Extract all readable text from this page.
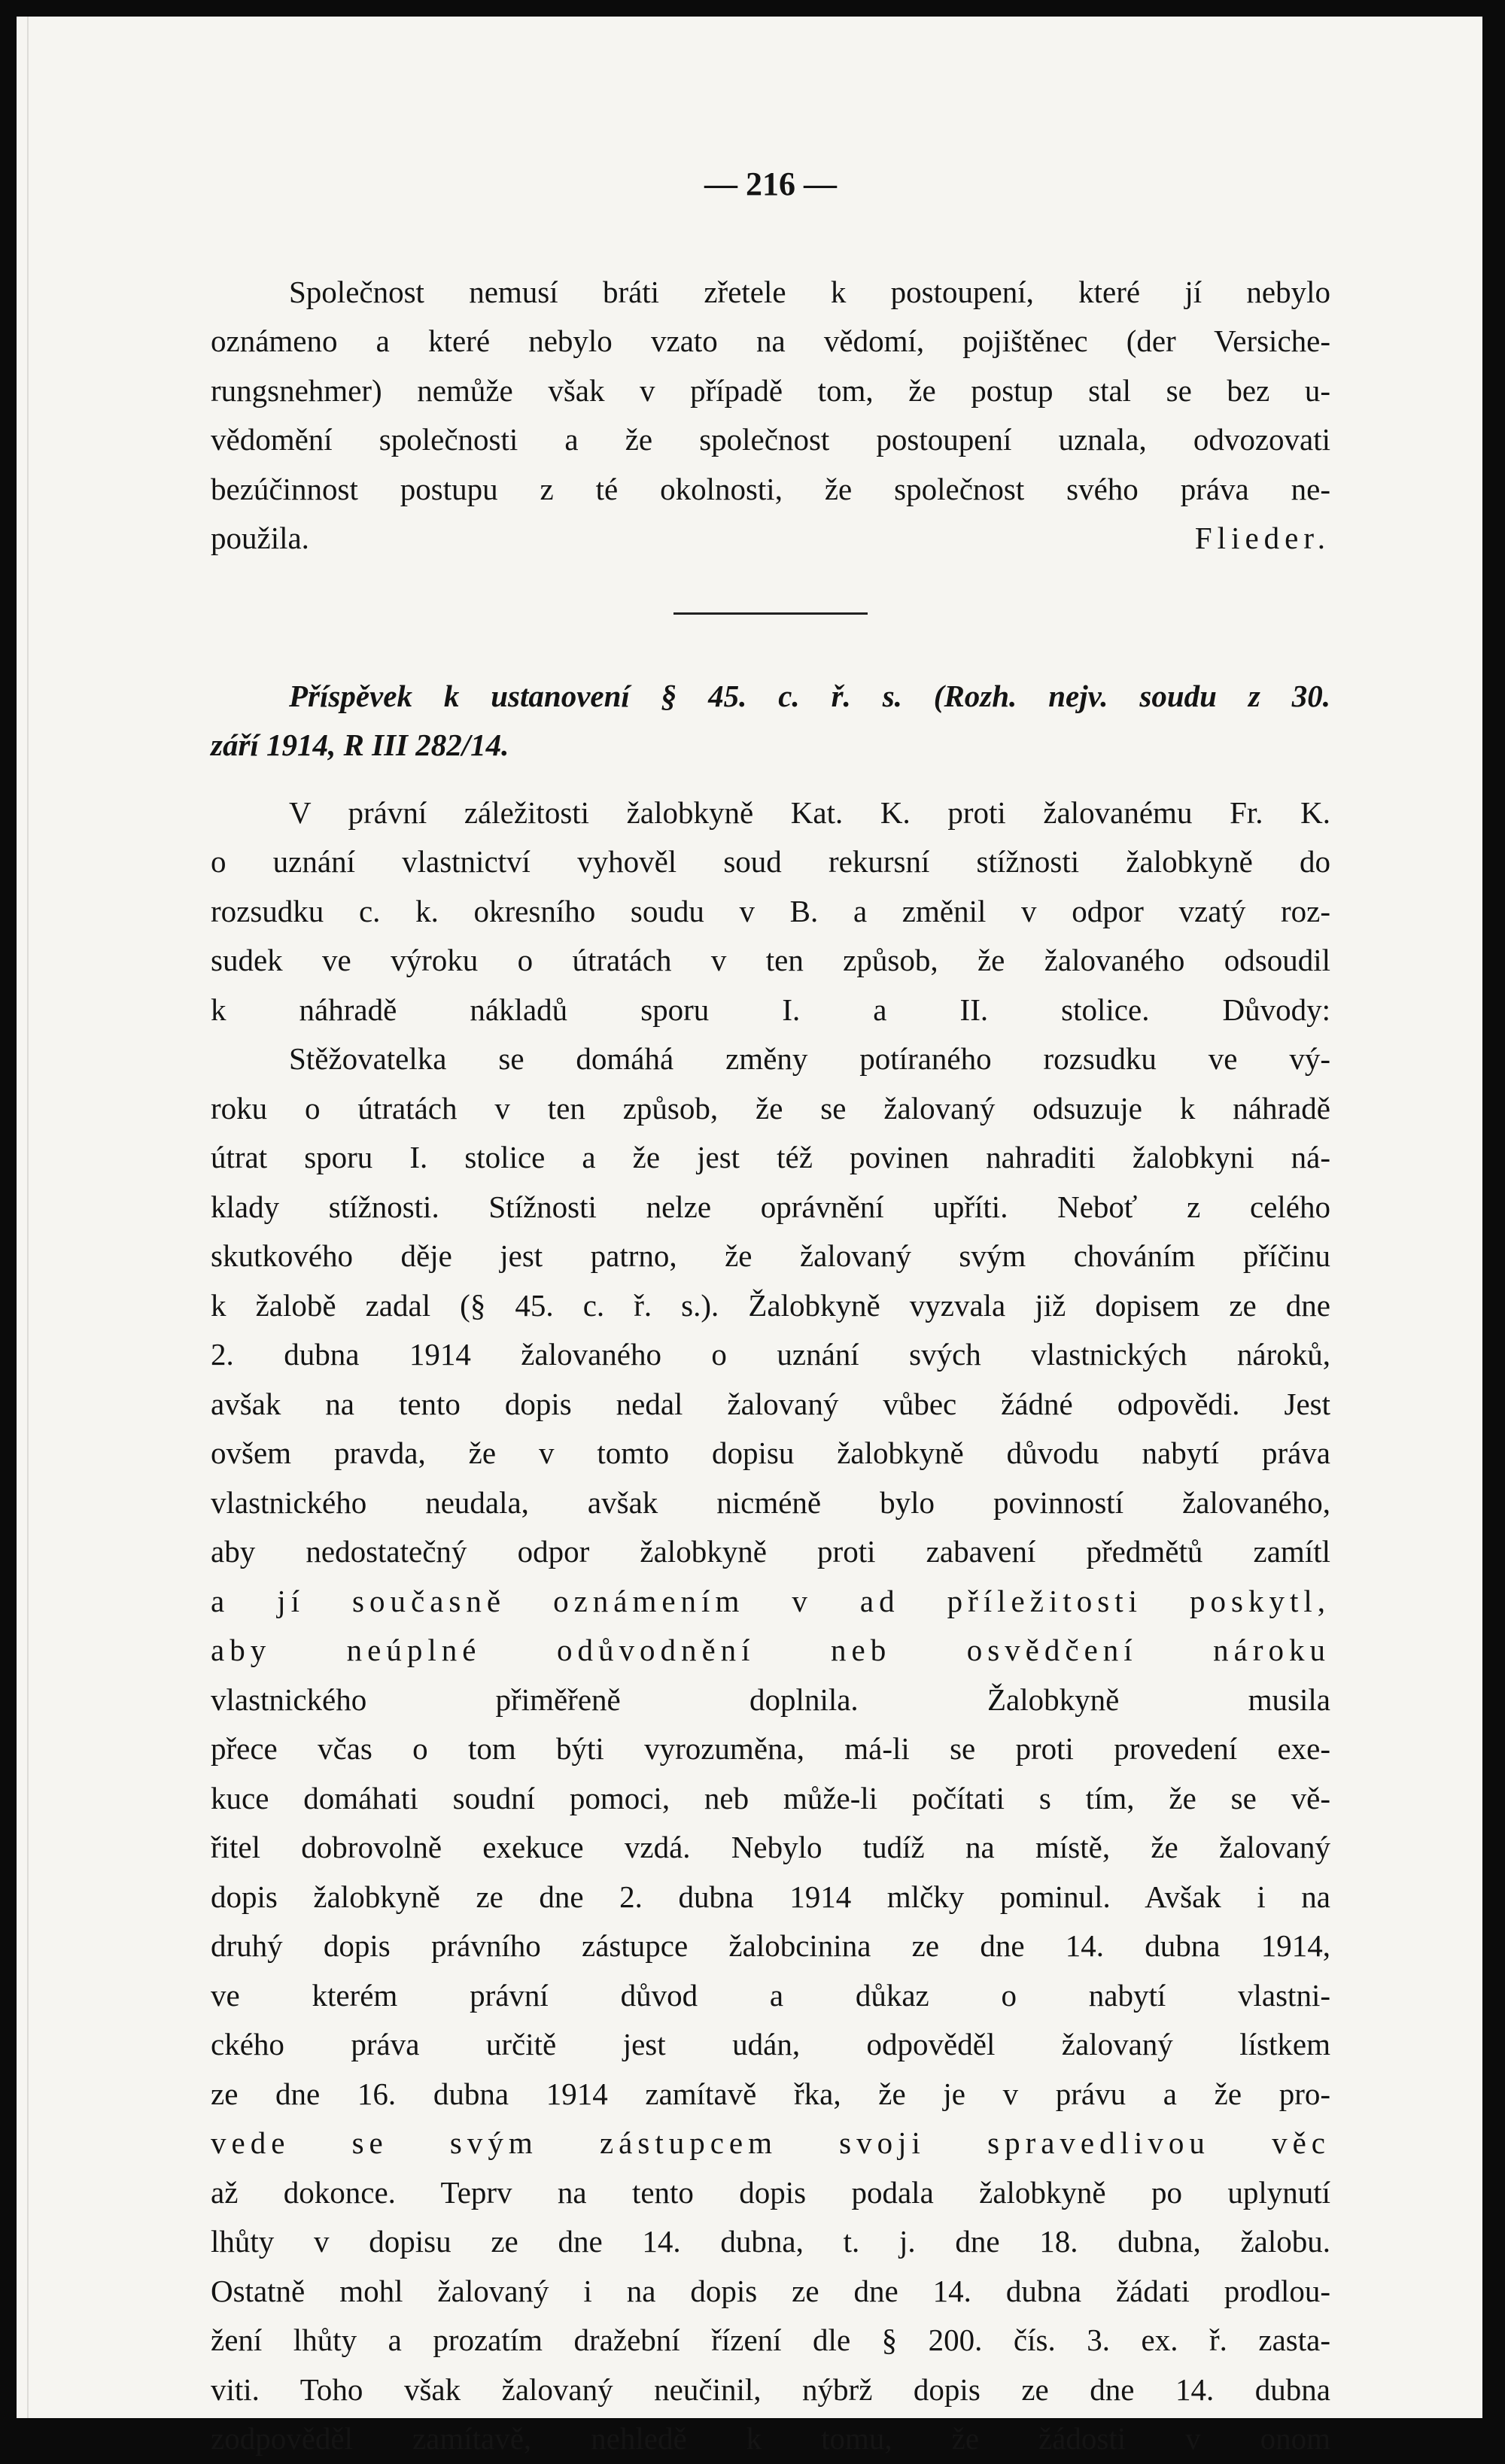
— 216 —
Společnost nemusí bráti zřetele k postoupení, které jí nebylo
oznámeno a které nebylo vzato na vědomí, pojištěnec (der Versiche-
rungsnehmer) nemůže však v případě tom, že postup stal se bez u-
vědomění společnosti a že společnost postoupení uznala, odvozovati
bezúčinnost postupu z té okolnosti, že společnost svého práva ne-
použila.	Flieder.
Příspěvek k ustanovení § 45. c. ř. s. (Rozh. nejv. soudu z 30.
září 1914, R III 282/14.
V právní záležitosti žalobkyně Kat. K. proti žalovanému Fr. K.
o uznání vlastnictví vyhověl soud rekursní stížnosti žalobkyně do
rozsudku c. k. okresního soudu v B. a změnil v odpor vzatý roz-
sudek ve výroku o útratách v ten způsob, že žalovaného odsoudil
k náhradě nákladů sporu I. a II. stolice. Důvody:
Stěžovatelka se domáhá změny potíraného rozsudku ve vý-
roku o útratách v ten způsob, že se žalovaný odsuzuje k náhradě
útrat sporu I. stolice a že jest též povinen nahraditi žalobkyni ná-
klady stížnosti. Stížnosti nelze oprávnění upříti. Neboť z celého
skutkového děje jest patrno, že žalovaný svým chováním příčinu
k žalobě zadal (§ 45. c. ř. s.). Žalobkyně vyzvala již dopisem ze dne
2. dubna 1914 žalovaného o uznání svých vlastnických nároků,
avšak na tento dopis nedal žalovaný vůbec žádné odpovědi. Jest
ovšem pravda, že v tomto dopisu žalobkyně důvodu nabytí práva
vlastnického neudala, avšak nicméně bylo povinností žalovaného,
aby nedostatečný odpor žalobkyně proti zabavení předmětů zamítl
a jí současně oznámením v ad příležitosti poskytl,
aby neúplné odůvodnění neb osvědčení nároku
vlastnického přiměřeně doplnila. Žalobkyně musila
přece včas o tom býti vyrozuměna, má-li se proti provedení exe-
kuce domáhati soudní pomoci, neb může-li počítati s tím, že se vě-
řitel dobrovolně exekuce vzdá. Nebylo tudíž na místě, že žalovaný
dopis žalobkyně ze dne 2. dubna 1914 mlčky pominul. Avšak i na
druhý dopis právního zástupce žalobcinina ze dne 14. dubna 1914,
ve kterém právní důvod a důkaz o nabytí vlastni-
ckého práva určitě jest udán, odpověděl žalovaný lístkem
ze dne 16. dubna 1914 zamítavě řka, že je v právu a že pro-
vede se svým zástupcem svoji spravedlivou věc
až dokonce. Teprv na tento dopis podala žalobkyně po uplynutí
lhůty v dopisu ze dne 14. dubna, t. j. dne 18. dubna, žalobu.
Ostatně mohl žalovaný i na dopis ze dne 14. dubna žádati prodlou-
žení lhůty a prozatím dražební řízení dle § 200. čís. 3. ex. ř. zasta-
viti. Toho však žalovaný neučinil, nýbrž dopis ze dne 14. dubna
zodpověděl zamítavě, nehledě k tomu, že žádosti v onom
